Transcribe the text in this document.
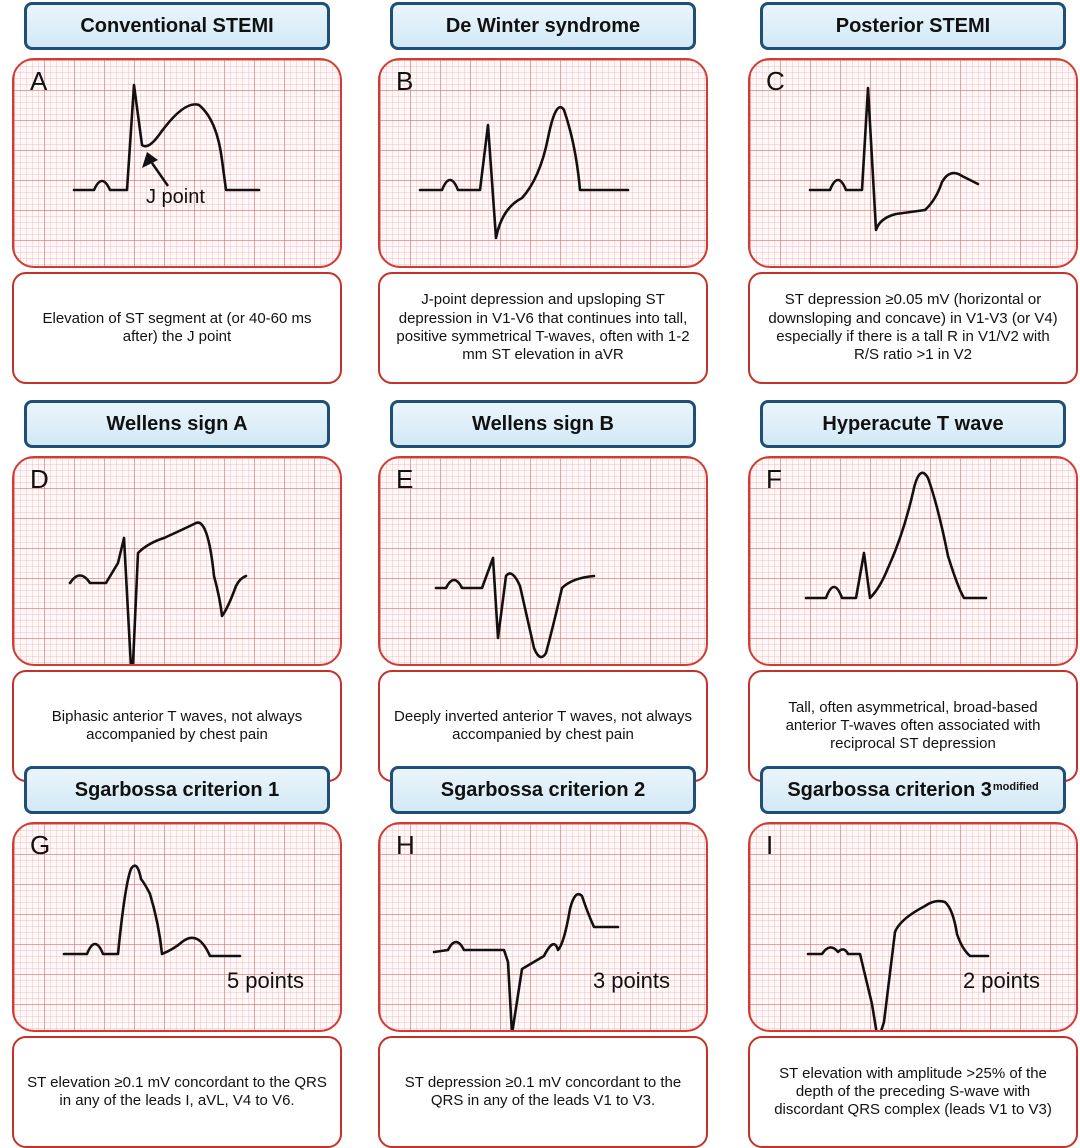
Conventional STEMI
A
J point
Elevation of ST segment at (or 40-60 ms after) the J point
De Winter syndrome
B
J-point depression and upsloping ST depression in V1-V6 that continues into tall, positive symmetrical T-waves, often with 1-2 mm ST elevation in aVR
Posterior STEMI
C
ST depression ≥0.05 mV (horizontal or downsloping and concave) in V1-V3 (or V4) especially if there is a tall R in V1/V2 with R/S ratio >1 in V2
Wellens sign A
D
Biphasic anterior T waves, not always accompanied by chest pain
Wellens sign B
E
Deeply inverted anterior T waves, not always accompanied by chest pain
Hyperacute T wave
F
Tall, often asymmetrical, broad-based anterior T-waves often associated with reciprocal ST depression
Sgarbossa criterion 1
G
5 points
ST elevation ≥0.1 mV concordant to the QRS in any of the leads I, aVL, V4 to V6.
Sgarbossa criterion 2
H
3 points
ST depression ≥0.1 mV concordant to the QRS in any of the leads V1 to V3.
Sgarbossa criterion $3^{modified}$
I
2 points
ST elevation with amplitude >25% of the depth of the preceding S-wave with discordant QRS complex (leads V1 to V3)
